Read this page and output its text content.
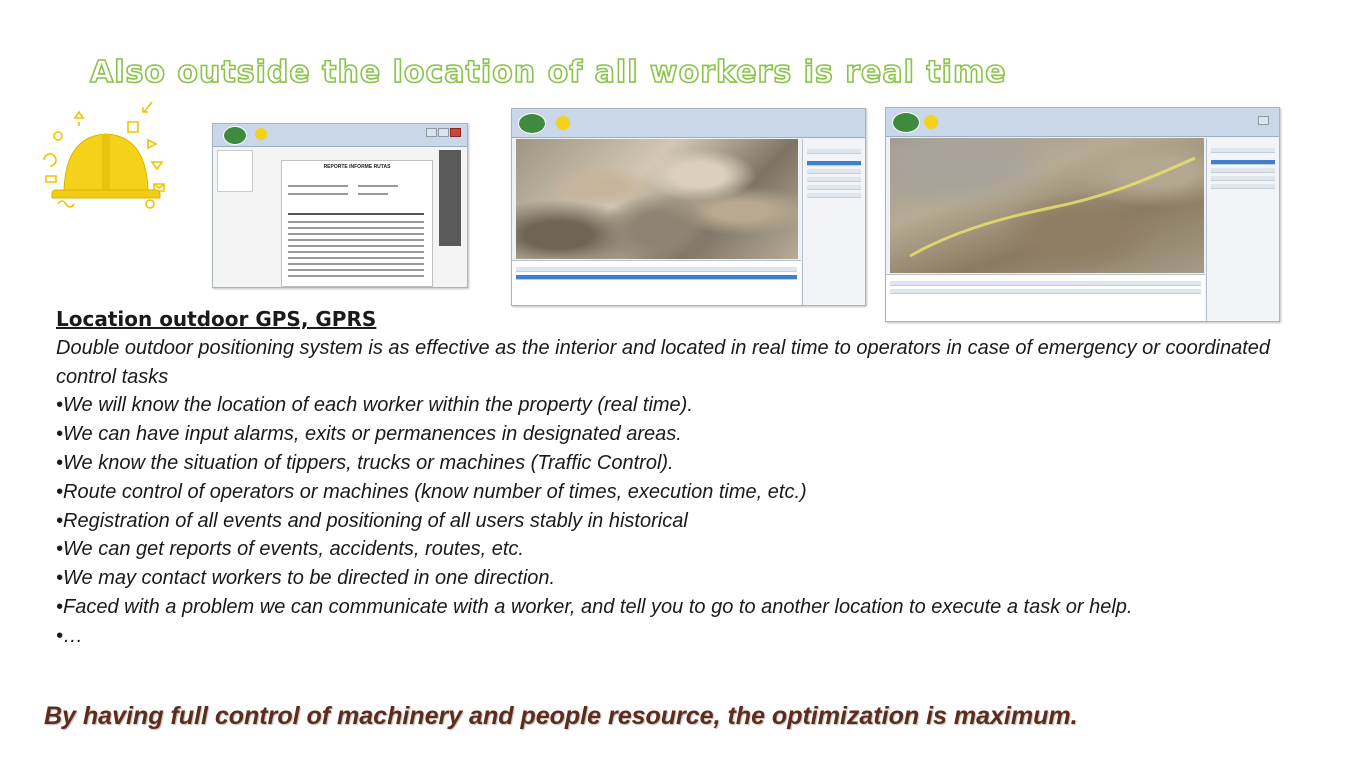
Also outside the location of all workers is real time
REPORTE INFORME RUTAS

Location outdoor GPS, GPRS

Double outdoor positioning system is as effective as the interior and located in real time to operators in case of emergency or coordinated control tasks

•We will know the location of each worker within the property (real time).

•We can have input alarms, exits or permanences in designated areas.

•We know the situation of tippers, trucks or machines (Traffic Control).

•Route control of operators or machines (know number of times, execution time, etc.)

•Registration of all events and positioning of all users stably in historical

•We can get reports of events, accidents, routes, etc.

•We may contact workers to be directed in one direction.

•Faced with a problem we can communicate with a worker, and tell you to go to another location to execute a task or help.

•…

By having full control of machinery and people resource, the optimization is maximum.
